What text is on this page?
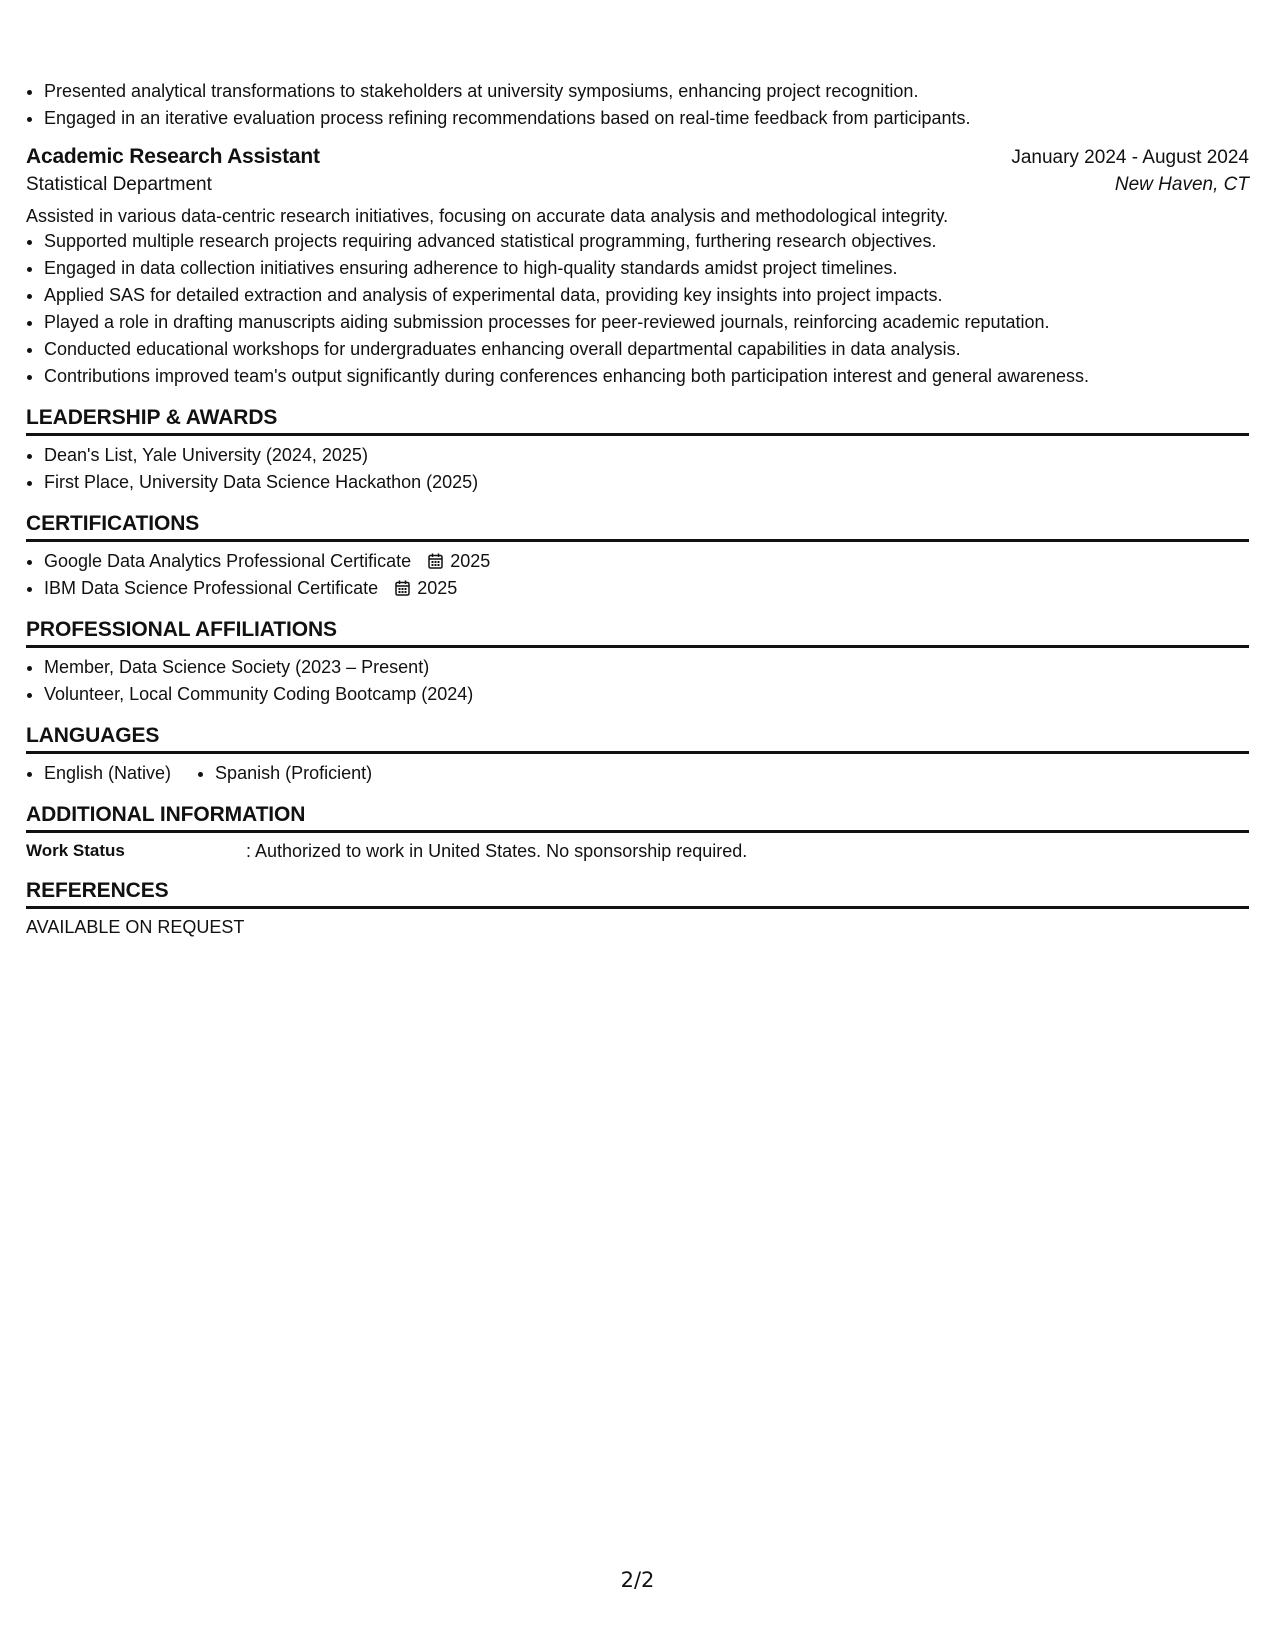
• Presented analytical transformations to stakeholders at university symposiums, enhancing project recognition.
• Engaged in an iterative evaluation process refining recommendations based on real-time feedback from participants.
Academic Research Assistant	January 2024 - August 2024
Statistical Department	New Haven, CT
Assisted in various data-centric research initiatives, focusing on accurate data analysis and methodological integrity.
• Supported multiple research projects requiring advanced statistical programming, furthering research objectives.
• Engaged in data collection initiatives ensuring adherence to high-quality standards amidst project timelines.
• Applied SAS for detailed extraction and analysis of experimental data, providing key insights into project impacts.
• Played a role in drafting manuscripts aiding submission processes for peer-reviewed journals, reinforcing academic reputation.
• Conducted educational workshops for undergraduates enhancing overall departmental capabilities in data analysis.
• Contributions improved team's output significantly during conferences enhancing both participation interest and general awareness.
LEADERSHIP & AWARDS
• Dean's List, Yale University (2024, 2025)
• First Place, University Data Science Hackathon (2025)
CERTIFICATIONS
• Google Data Analytics Professional Certificate 2025
• IBM Data Science Professional Certificate 2025
PROFESSIONAL AFFILIATIONS
• Member, Data Science Society (2023 – Present)
• Volunteer, Local Community Coding Bootcamp (2024)
LANGUAGES
• English (Native)
• Spanish (Proficient)
ADDITIONAL INFORMATION
Work Status	: Authorized to work in United States. No sponsorship required.
REFERENCES
AVAILABLE ON REQUEST
2/2
